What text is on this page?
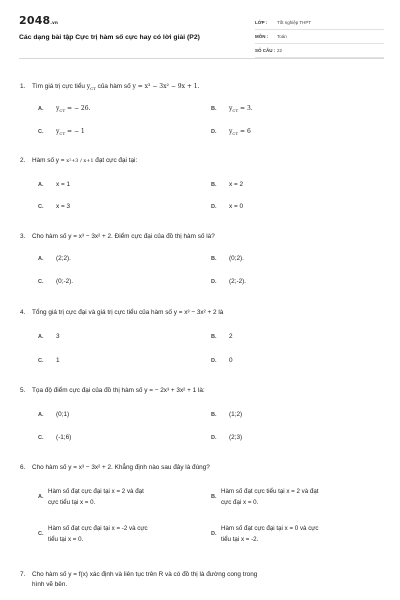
2048.vn
Các dạng bài tập Cực trị hàm số cực hay có lời giải (P2)
LỚP : Tốt nghiệp THPT
MÔN : Toán
SỐ CÂU : 22
1. Tìm giá trị cực tiểu $y_{CT}$ của hàm số y = x³ − 3x² − 9x + 1.
A. $y_{CT}$ = − 26.	B. $y_{CT} = 3$.
C. $y_{CT}$ = − 1	D. $y_{CT} = 6$
2. Hàm số y = x²+3 / x+1 đạt cực đại tại:
A. x = 1	B. x = 2
C. x = 3	D. x = 0
3. Cho hàm số y = x³ − 3x² + 2. Điểm cực đại của đồ thị hàm số là?
A. (2;2).	B. (0;2).
C. (0;-2).	D. (2;-2).
4. Tổng giá trị cực đại và giá trị cực tiểu của hàm số y = x³ − 3x² + 2 là
A. 3	B. 2
C. 1	D. 0
5. Tọa độ điểm cực đại của đồ thị hàm số y = − 2x³ + 3x² + 1 là:
A. (0;1)	B. (1;2)
C. (-1;6)	D. (2;3)
6. Cho hàm số y = x³ − 3x² + 2. Khẳng định nào sau đây là đúng?
A.
Hàm số đạt cực đại tại x = 2 và đạt
cực tiểu tại x = 0.
B.
Hàm số đạt cực tiểu tại x = 2 và đạt
cực đại x = 0.
C.
Hàm số đạt cực đại tại x = -2 và cực
tiểu tại x = 0.
D.
Hàm số đạt cực đại tại x = 0 và cực
tiểu tại x = -2.
7. Cho hàm số y = f(x) xác định và liên tục trên R và có đồ thị là đường cong trong
hình vẽ bên.
